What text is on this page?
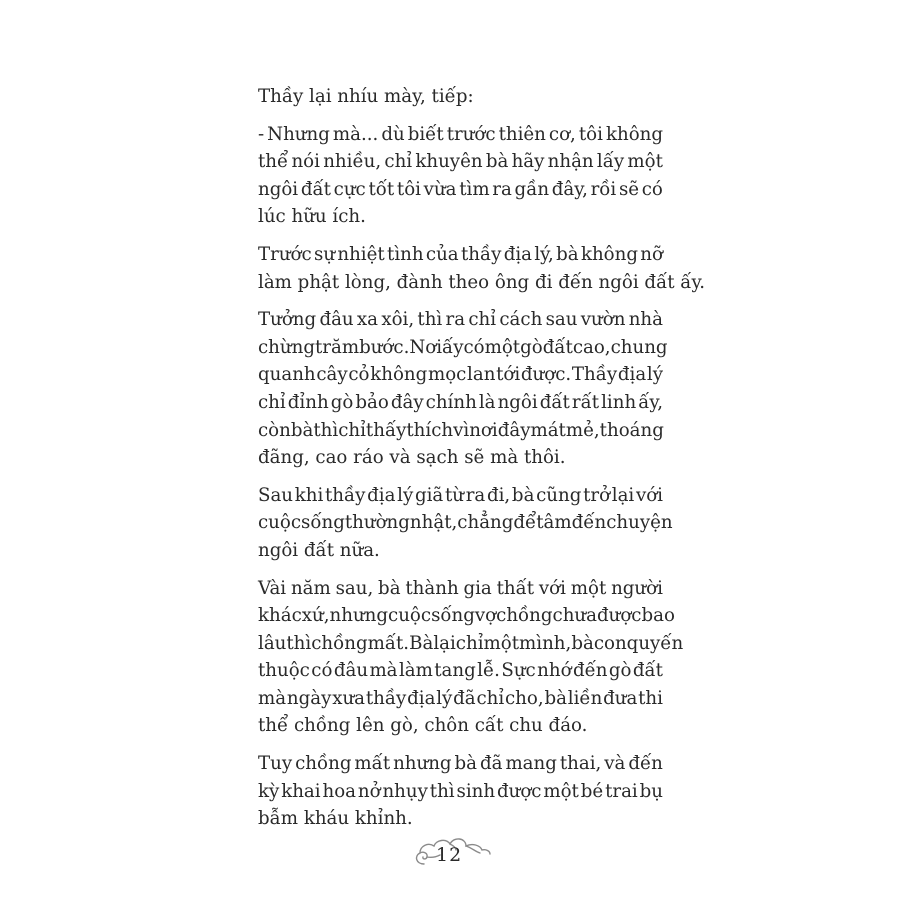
Thầy lại nhíu mày, tiếp:

- Nhưng mà... dù biết trước thiên cơ, tôi không
thể nói nhiều, chỉ khuyên bà hãy nhận lấy một
ngôi đất cực tốt tôi vừa tìm ra gần đây, rồi sẽ có
lúc hữu ích.

Trước sự nhiệt tình của thầy địa lý, bà không nỡ
làm phật lòng, đành theo ông đi đến ngôi đất ấy.

Tưởng đâu xa xôi, thì ra chỉ cách sau vườn nhà
chừng trăm bước. Nơi ấy có một gò đất cao, chung
quanh cây cỏ không mọc lan tới được. Thầy địa lý
chỉ đỉnh gò bảo đây chính là ngôi đất rất linh ấy,
còn bà thì chỉ thấy thích vì nơi đây mát mẻ, thoáng
đãng, cao ráo và sạch sẽ mà thôi.

Sau khi thầy địa lý giã từ ra đi, bà cũng trở lại với
cuộc sống thường nhật, chẳng để tâm đến chuyện
ngôi đất nữa.

Vài năm sau, bà thành gia thất với một người
khác xứ, nhưng cuộc sống vợ chồng chưa được bao
lâu thì chồng mất. Bà lại chỉ một mình, bà con quyến
thuộc có đâu mà làm tang lễ. Sực nhớ đến gò đất
mà ngày xưa thầy địa lý đã chỉ cho, bà liền đưa thi
thể chồng lên gò, chôn cất chu đáo.

Tuy chồng mất nhưng bà đã mang thai, và đến
kỳ khai hoa nở nhụy thì sinh được một bé trai bụ
bẫm kháu khỉnh.

12
